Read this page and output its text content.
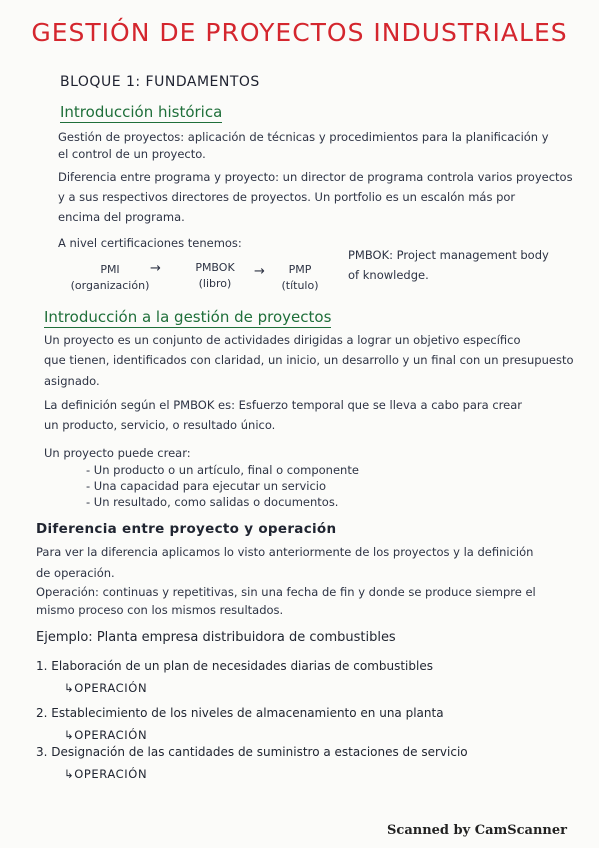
GESTIÓN DE PROYECTOS INDUSTRIALES
BLOQUE 1: FUNDAMENTOS
Introducción histórica
Gestión de proyectos: aplicación de técnicas y procedimientos para la planificación y
el control de un proyecto.
Diferencia entre programa y proyecto: un director de programa controla varios proyectos
y a sus respectivos directores de proyectos. Un portfolio es un escalón más por
encima del programa.
A nivel certificaciones tenemos:
PMI
(organización)
→	PMBOK
(libro)
→	PMP
(título)
PMBOK: Project management body
of knowledge.
Introducción a la gestión de proyectos
Un proyecto es un conjunto de actividades dirigidas a lograr un objetivo específico
que tienen, identificados con claridad, un inicio, un desarrollo y un final con un presupuesto
asignado.
La definición según el PMBOK es: Esfuerzo temporal que se lleva a cabo para crear
un producto, servicio, o resultado único.
Un proyecto puede crear:
- Un producto o un artículo, final o componente
- Una capacidad para ejecutar un servicio
- Un resultado, como salidas o documentos.
Diferencia entre proyecto y operación
Para ver la diferencia aplicamos lo visto anteriormente de los proyectos y la definición
de operación.
Operación: continuas y repetitivas, sin una fecha de fin y donde se produce siempre el
mismo proceso con los mismos resultados.
Ejemplo: Planta empresa distribuidora de combustibles
1. Elaboración de un plan de necesidades diarias de combustibles
↳OPERACIÓN
2. Establecimiento de los niveles de almacenamiento en una planta
↳OPERACIÓN
3. Designación de las cantidades de suministro a estaciones de servicio
↳OPERACIÓN
Scanned by CamScanner
